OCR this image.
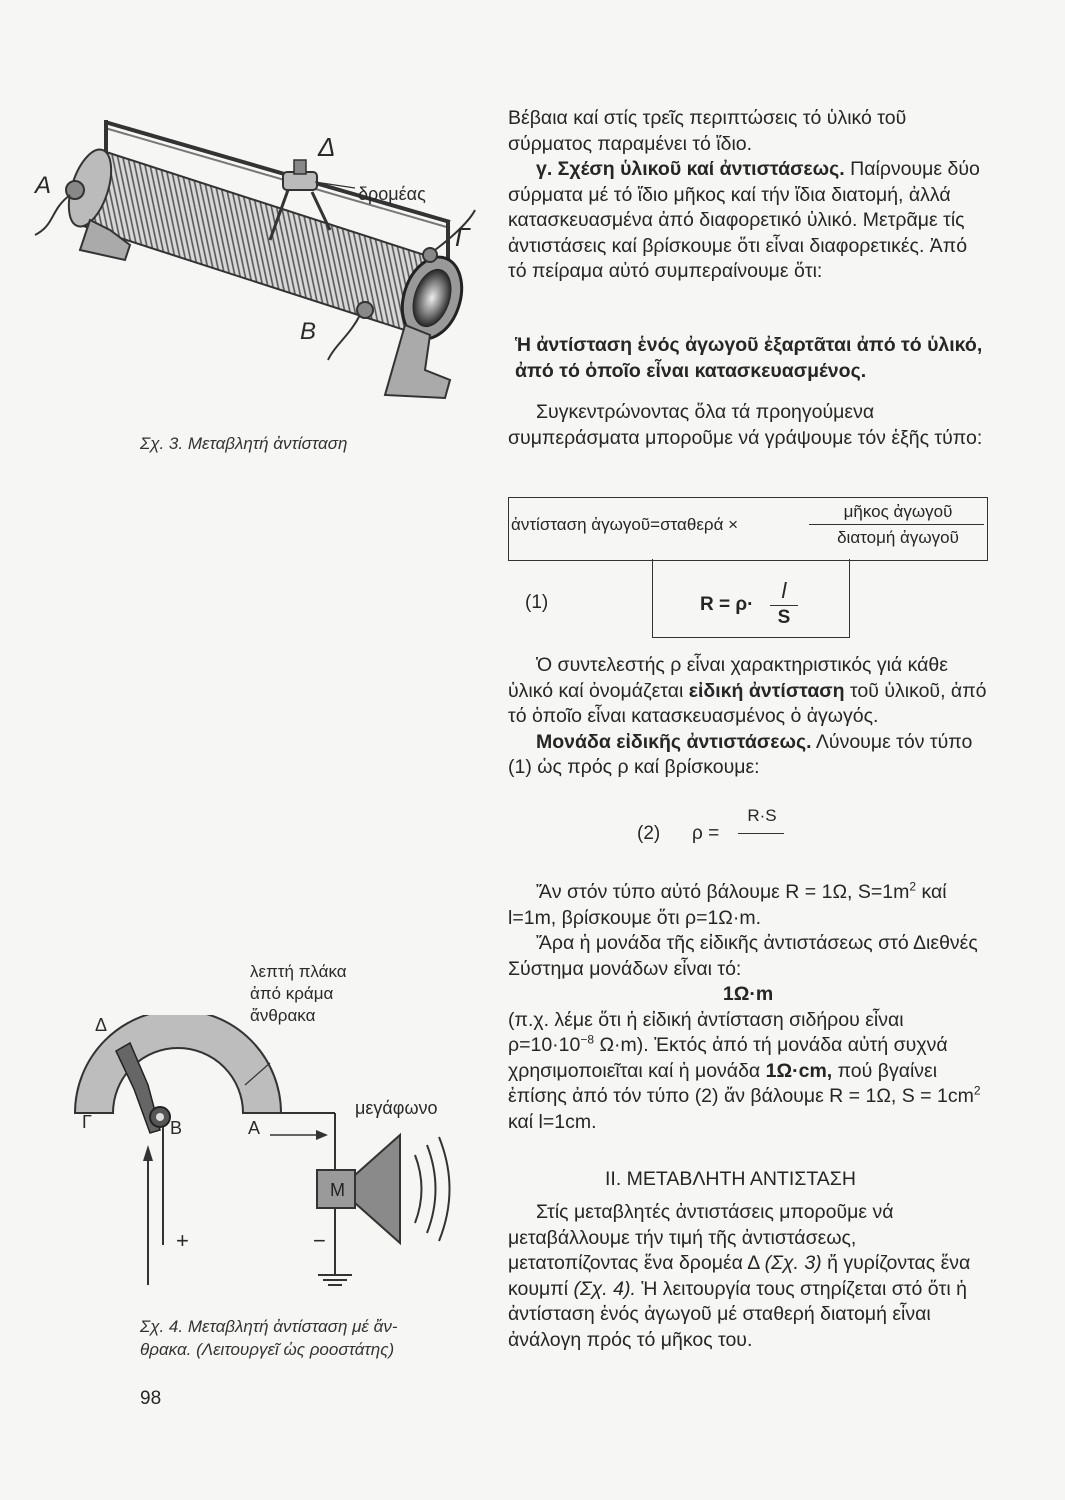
Α
Δ
δρομέας
Γ
Β
Σχ. 3. Μεταβλητή ἀντίσταση
λεπτή πλάκα
ἀπό κράμα
ἄνθρακα
Δ
Γ	Β	Α
μεγάφωνο
Μ
+	−
Σχ. 4. Μεταβλητή ἀντίσταση μέ ἄν-
θρακα. (Λειτουργεῖ ὡς ροοστάτης)

Βέβαια καί στίς τρεῖς περιπτώσεις τό ὑλικό τοῦ σύρματος παραμένει τό ἴδιο.

γ. Σχέση ὑλικοῦ καί ἀντιστάσεως. Παίρνουμε δύο σύρματα μέ τό ἴδιο μῆκος καί τήν ἴδια διατομή, ἀλλά κατασκευασμένα ἀπό διαφορετικό ὑλικό. Μετρᾶμε τίς ἀντιστάσεις καί βρίσκουμε ὅτι εἶναι διαφορετικές. Ἀπό τό πείραμα αὐτό συμπεραίνουμε ὅτι:

Ἡ ἀντίσταση ἑνός ἀγωγοῦ ἐξαρτᾶται ἀπό τό ὑλικό, ἀπό τό ὁποῖο εἶναι κατασκευασμένος.
Συγκεντρώνοντας ὅλα τά προηγούμενα συμπεράσματα μποροῦμε νά γράψουμε τόν ἑξῆς τύπο:
ἀντίσταση ἀγωγοῦ=σταθερά ×
μῆκος ἀγωγοῦ
διατομή ἀγωγοῦ
(1)	R = ρ·
l
S

Ὁ συντελεστής ρ εἶναι χαρακτηριστικός γιά κάθε ὑλικό καί ὀνομάζεται εἰδική ἀντίσταση τοῦ ὑλικοῦ, ἀπό τό ὁποῖο εἶναι κατασκευασμένος ὁ ἀγωγός.

Μονάδα εἰδικῆς ἀντιστάσεως. Λύνουμε τόν τύπο (1) ὡς πρός ρ καί βρίσκουμε:

(2) ρ =
R·S

Ἄν στόν τύπο αὐτό βάλουμε R = 1Ω, $S=1m^2$ καί l=1m, βρίσκουμε ὅτι ρ=1Ω·m.

Ἄρα ἡ μονάδα τῆς εἰδικῆς ἀντιστάσεως στό Διεθνές Σύστημα μονάδων εἶναι τό:

1Ω·m

(π.χ. λέμε ὅτι ἡ εἰδική ἀντίσταση σιδήρου εἶναι $\rho=10\cdot 10^{-8}$ Ω·m). Ἐκτός ἀπό τή μονάδα αὐτή συχνά χρησιμοποιεῖται καί ἡ μονάδα 1Ω·cm, πού βγαίνει ἐπίσης ἀπό τόν τύπο (2) ἄν βάλουμε R = 1Ω, $S = 1cm^2$ καί l=1cm.

II. ΜΕΤΑΒΛΗΤΗ ΑΝΤΙΣΤΑΣΗ
Στίς μεταβλητές ἀντιστάσεις μποροῦμε νά μεταβάλλουμε τήν τιμή τῆς ἀντιστάσεως, μετατοπίζοντας ἕνα δρομέα Δ (Σχ. 3) ἤ γυρίζοντας ἕνα κουμπί (Σχ. 4). Ἡ λειτουργία τους στηρίζεται στό ὅτι ἡ ἀντίσταση ἑνός ἀγωγοῦ μέ σταθερή διατομή εἶναι ἀνάλογη πρός τό μῆκος του.
98
